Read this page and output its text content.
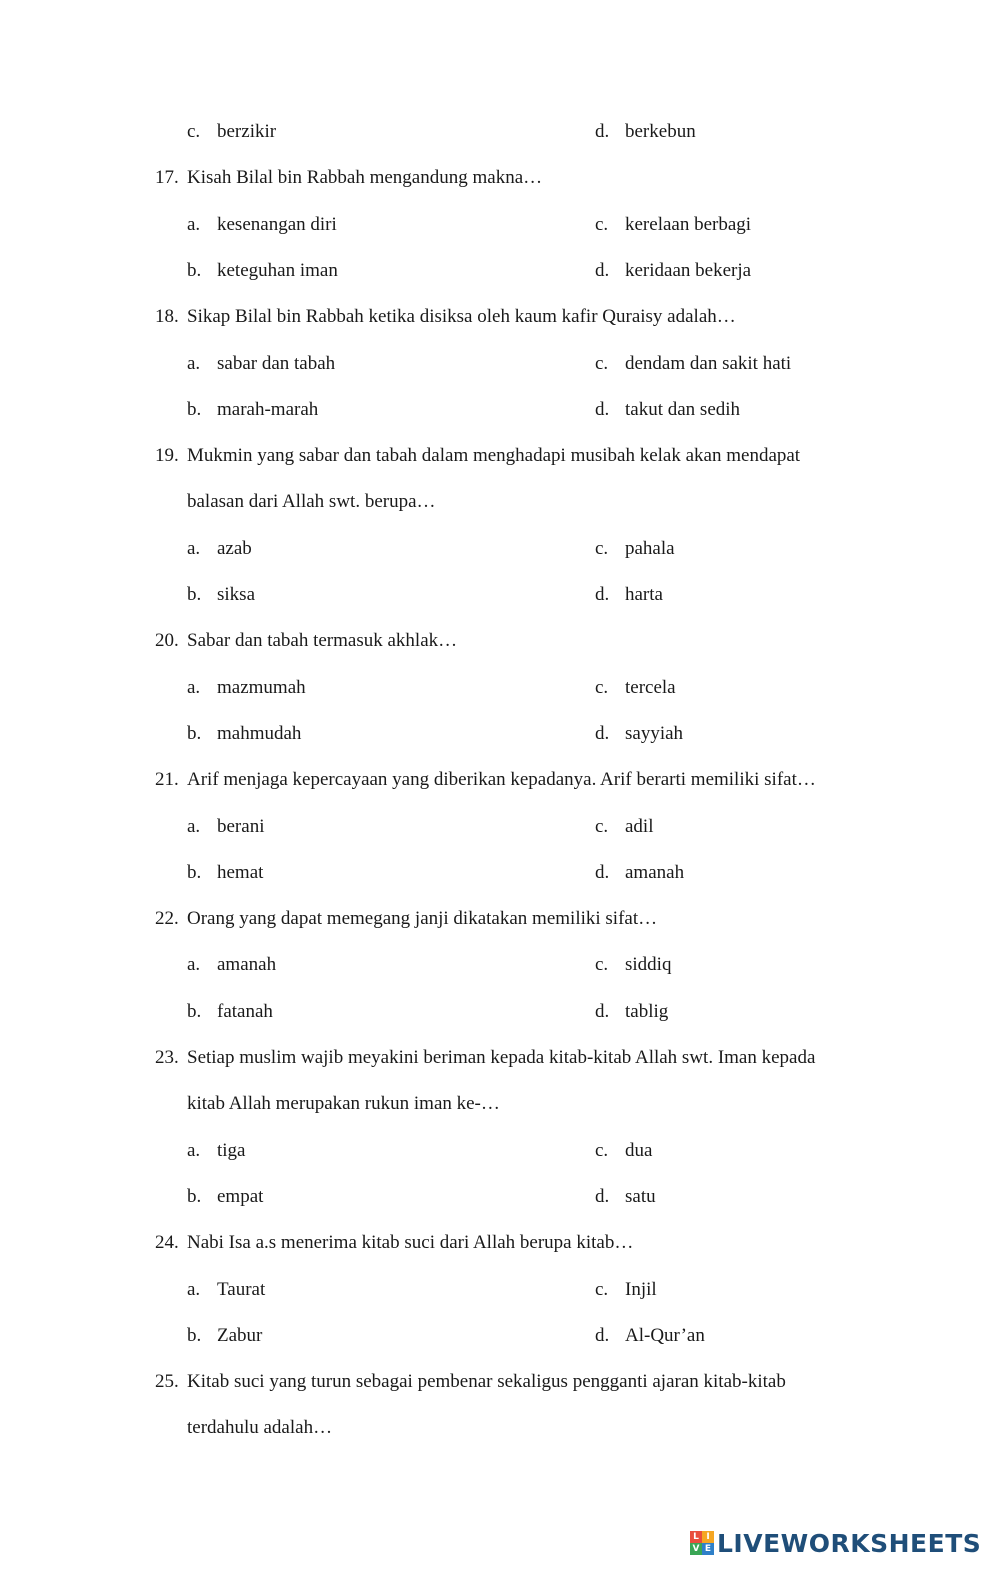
c. berzikir	d. berkebun
17. Kisah Bilal bin Rabbah mengandung makna…
a. kesenangan diri	c. kerelaan berbagi
b. keteguhan iman	d. keridaan bekerja
18. Sikap Bilal bin Rabbah ketika disiksa oleh kaum kafir Quraisy adalah…
a. sabar dan tabah	c. dendam dan sakit hati
b. marah-marah	d. takut dan sedih
19. Mukmin yang sabar dan tabah dalam menghadapi musibah kelak akan mendapat
balasan dari Allah swt. berupa…
a. azab	c. pahala
b. siksa	d. harta
20. Sabar dan tabah termasuk akhlak…
a. mazmumah	c. tercela
b. mahmudah	d. sayyiah
21. Arif menjaga kepercayaan yang diberikan kepadanya. Arif berarti memiliki sifat…
a. berani	c. adil
b. hemat	d. amanah
22. Orang yang dapat memegang janji dikatakan memiliki sifat…
a. amanah	c. siddiq
b. fatanah	d. tablig
23. Setiap muslim wajib meyakini beriman kepada kitab-kitab Allah swt. Iman kepada
kitab Allah merupakan rukun iman ke-…
a. tiga	c. dua
b. empat	d. satu
24. Nabi Isa a.s menerima kitab suci dari Allah berupa kitab…
a. Taurat	c. Injil
b. Zabur	d. Al-Qur’an
25. Kitab suci yang turun sebagai pembenar sekaligus pengganti ajaran kitab-kitab
terdahulu adalah…
L I
V E LIVEWORKSHEETS
